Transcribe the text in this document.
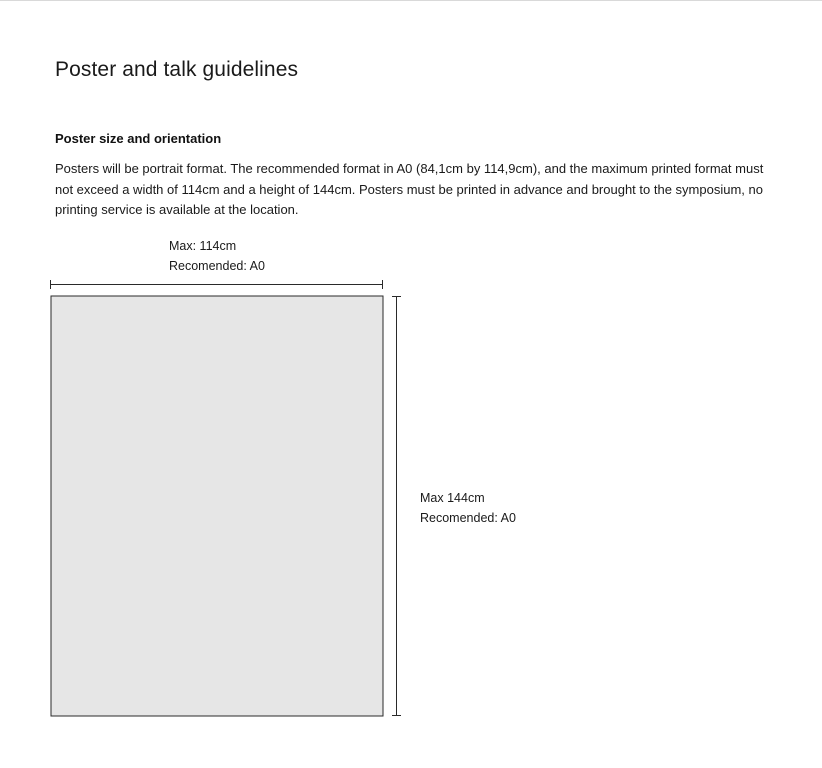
Poster and talk guidelines
Poster size and orientation

Posters will be portrait format. The recommended format in A0 (84,1cm by 114,9cm), and the maximum printed format must
not exceed a width of 114cm and a height of 144cm. Posters must be printed in advance and brought to the symposium, no
printing service is available at the location.

Max: 114cm
Recomended: A0
Max 144cm
Recomended: A0
